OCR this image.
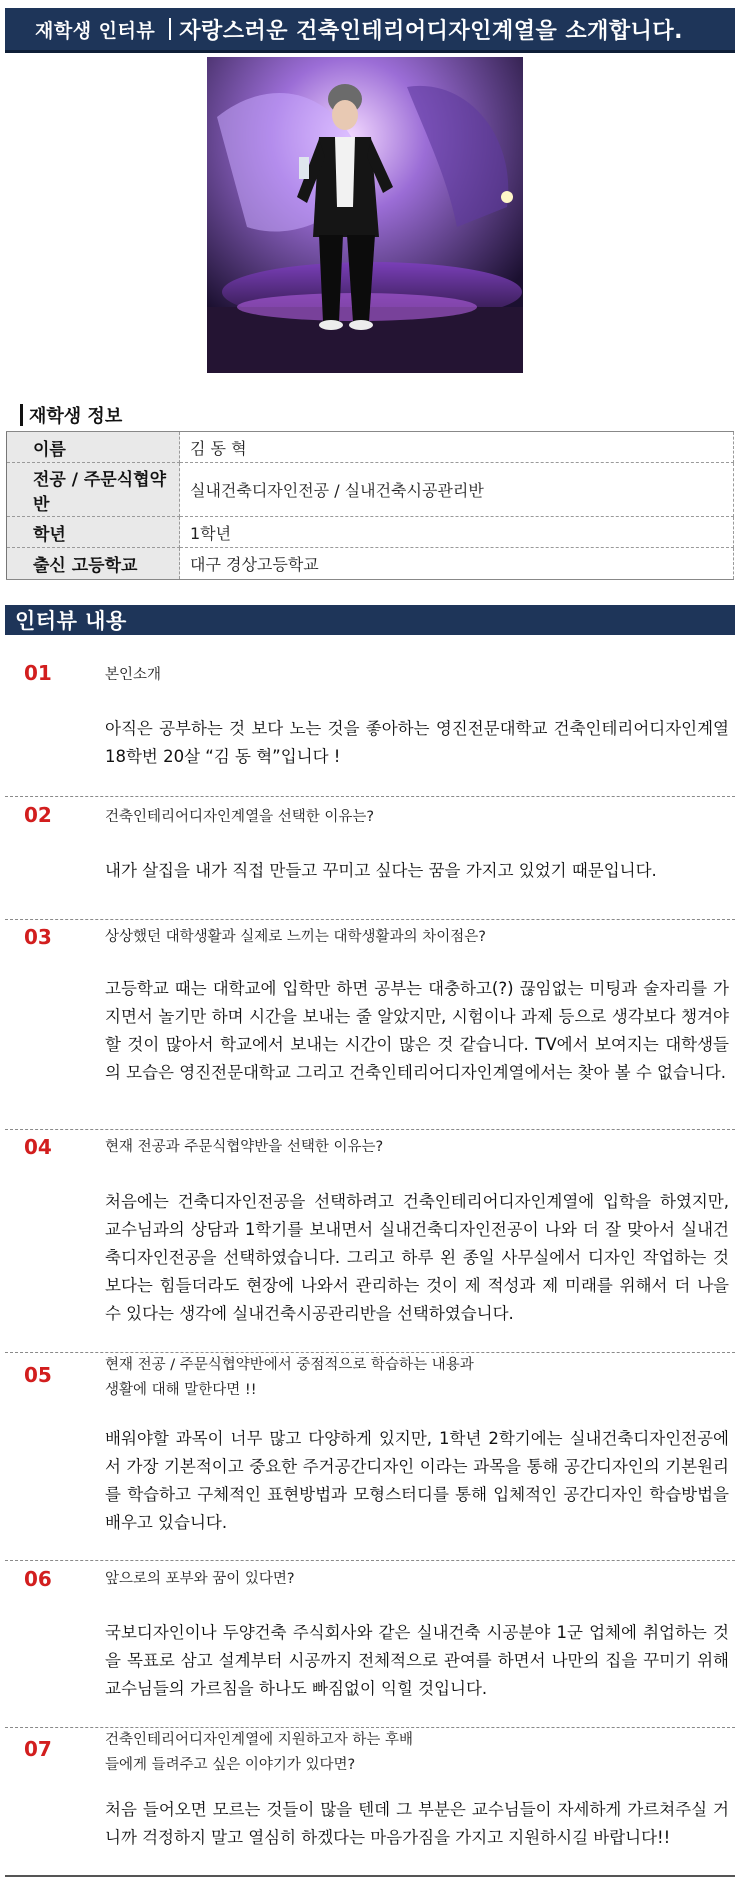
재학생 인터뷰 자랑스러운 건축인테리어디자인계열을 소개합니다.
재학생 정보
이름	김 동 혁
전공 / 주문식협약반	실내건축디자인전공 / 실내건축시공관리반
학년	1학년
출신 고등학교	대구 경상고등학교
인터뷰 내용
01	본인소개
아직은 공부하는 것 보다 노는 것을 좋아하는 영진전문대학교 건축인테리어디자인계열 18학번 20살 “김 동 혁”입니다 !
02	건축인테리어디자인계열을 선택한 이유는?
내가 살집을 내가 직접 만들고 꾸미고 싶다는 꿈을 가지고 있었기 때문입니다.
03	상상했던 대학생활과 실제로 느끼는 대학생활과의 차이점은?
고등학교 때는 대학교에 입학만 하면 공부는 대충하고(?) 끊임없는 미팅과 술자리를 가지면서 놀기만 하며 시간을 보내는 줄 알았지만, 시험이나 과제 등으로 생각보다 챙겨야할 것이 많아서 학교에서 보내는 시간이 많은 것 같습니다. TV에서 보여지는 대학생들의 모습은 영진전문대학교 그리고 건축인테리어디자인계열에서는 찾아 볼 수 없습니다.
04	현재 전공과 주문식협약반을 선택한 이유는?
처음에는 건축디자인전공을 선택하려고 건축인테리어디자인계열에 입학을 하였지만, 교수님과의 상담과 1학기를 보내면서 실내건축디자인전공이 나와 더 잘 맞아서 실내건축디자인전공을 선택하였습니다. 그리고 하루 왼 종일 사무실에서 디자인 작업하는 것 보다는 힘들더라도 현장에 나와서 관리하는 것이 제 적성과 제 미래를 위해서 더 나을 수 있다는 생각에 실내건축시공관리반을 선택하였습니다.
05	현재 전공 / 주문식협약반에서 중점적으로 학습하는 내용과 생활에 대해 말한다면 !!
배워야할 과목이 너무 많고 다양하게 있지만, 1학년 2학기에는 실내건축디자인전공에서 가장 기본적이고 중요한 주거공간디자인 이라는 과목을 통해 공간디자인의 기본원리를 학습하고 구체적인 표현방법과 모형스터디를 통해 입체적인 공간디자인 학습방법을 배우고 있습니다.
06	앞으로의 포부와 꿈이 있다면?
국보디자인이나 두양건축 주식회사와 같은 실내건축 시공분야 1군 업체에 취업하는 것을 목표로 삼고 설계부터 시공까지 전체적으로 관여를 하면서 나만의 집을 꾸미기 위해 교수님들의 가르침을 하나도 빠짐없이 익힐 것입니다.
07	건축인테리어디자인계열에 지원하고자 하는 후배들에게 들려주고 싶은 이야기가 있다면?
처음 들어오면 모르는 것들이 많을 텐데 그 부분은 교수님들이 자세하게 가르쳐주실 거니까 걱정하지 말고 열심히 하겠다는 마음가짐을 가지고 지원하시길 바랍니다!!
